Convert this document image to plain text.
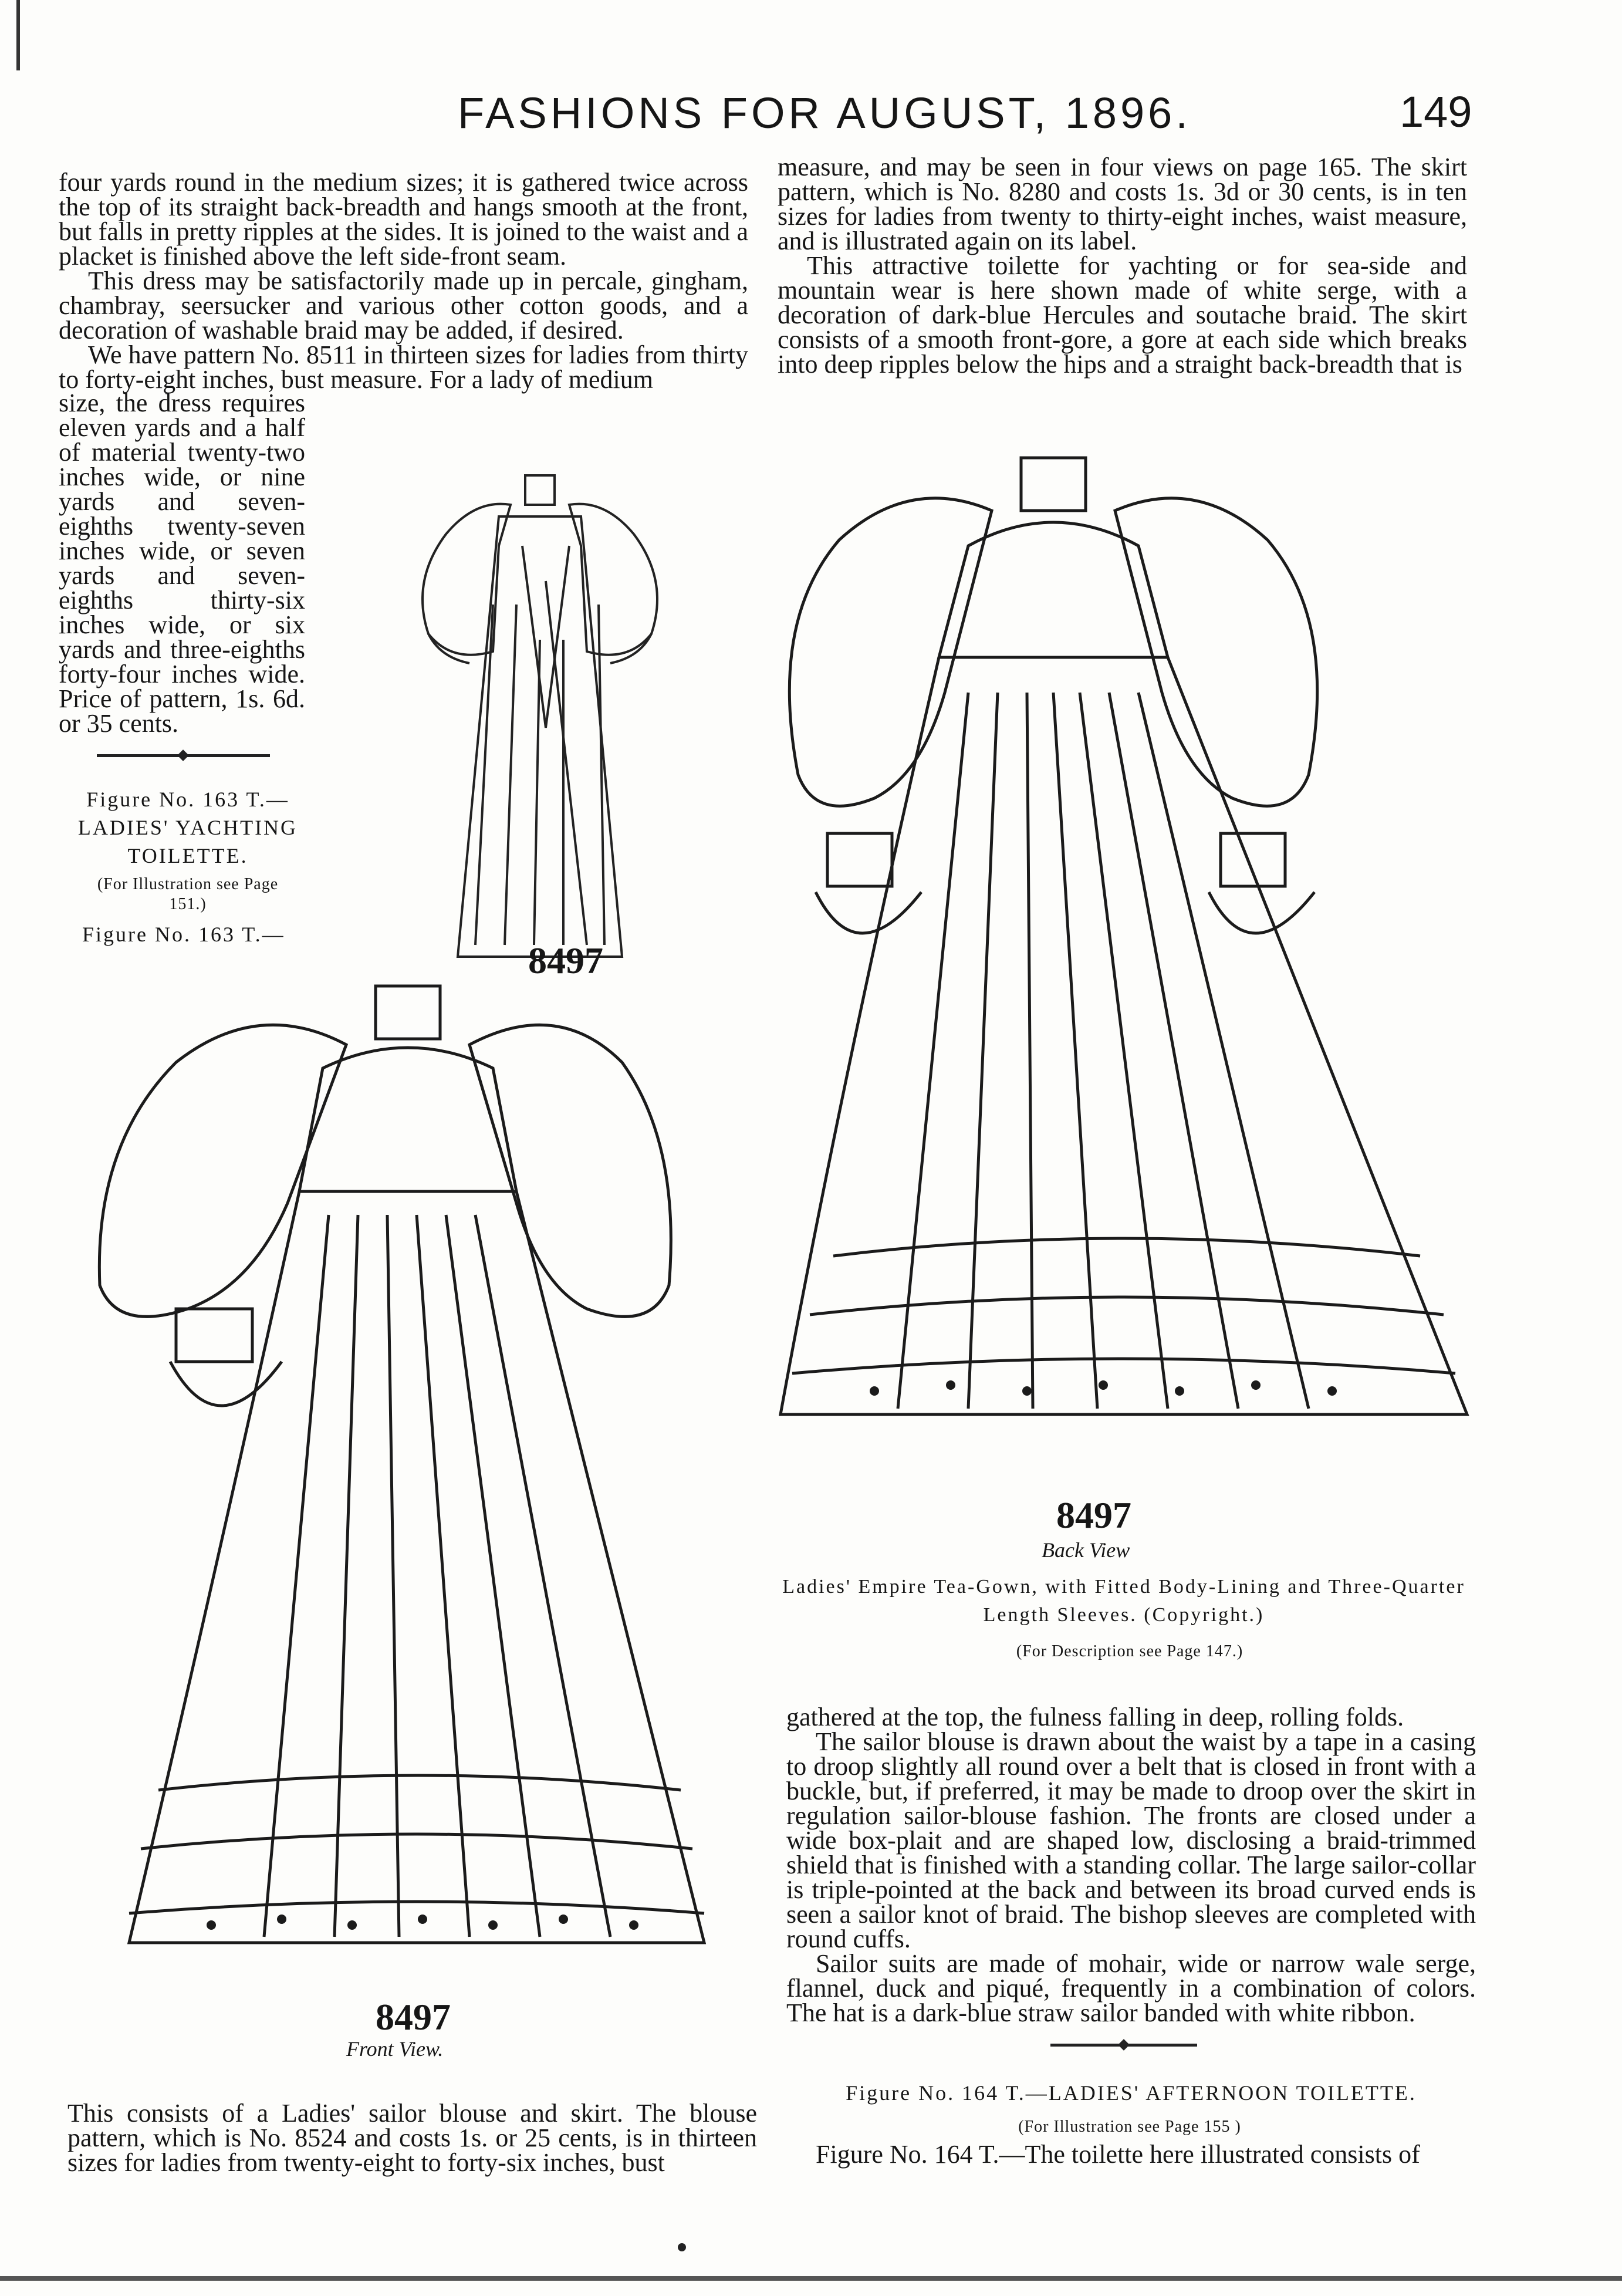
FASHIONS FOR AUGUST, 1896.	149

four yards round in the medium sizes; it is gathered twice across the top of its straight back-breadth and hangs smooth at the front, but falls in pretty ripples at the sides. It is joined to the waist and a placket is finished above the left side-front seam.

This dress may be satisfactorily made up in percale, gingham, chambray, seersucker and various other cotton goods, and a decoration of washable braid may be added, if desired.

We have pattern No. 8511 in thirteen sizes for ladies from thirty to forty-eight inches, bust measure. For a lady of medium

size, the dress requires eleven yards and a half of material twenty-two inches wide, or nine yards and seven-eighths twenty-seven inches wide, or seven yards and seven-eighths thirty-six inches wide, or six yards and three-eighths forty-four inches wide. Price of pattern, 1s. 6d. or 35 cents.

Figure No. 163 T.— LADIES' YACHTING TOILETTE.
(For Illustration see Page 151.)
Figure No. 163 T.—

measure, and may be seen in four views on page 165. The skirt pattern, which is No. 8280 and costs 1s. 3d or 30 cents, is in ten sizes for ladies from twenty to thirty-eight inches, waist measure, and is illustrated again on its label.

This attractive toilette for yachting or for sea-side and mountain wear is here shown made of white serge, with a decoration of dark-blue Hercules and soutache braid. The skirt consists of a smooth front-gore, a gore at each side which breaks into deep ripples below the hips and a straight back-breadth that is

8497
8497
Back View
Ladies' Empire Tea-Gown, with Fitted Body-Lining and Three-Quarter Length Sleeves. (Copyright.)
(For Description see Page 147.)
8497
Front View.

gathered at the top, the fulness falling in deep, rolling folds.

The sailor blouse is drawn about the waist by a tape in a casing to droop slightly all round over a belt that is closed in front with a buckle, but, if preferred, it may be made to droop over the skirt in regulation sailor-blouse fashion. The fronts are closed under a wide box-plait and are shaped low, disclosing a braid-trimmed shield that is finished with a standing collar. The large sailor-collar is triple-pointed at the back and between its broad curved ends is seen a sailor knot of braid. The bishop sleeves are completed with round cuffs.

Sailor suits are made of mohair, wide or narrow wale serge, flannel, duck and piqué, frequently in a combination of colors. The hat is a dark-blue straw sailor banded with white ribbon.

Figure No. 164 T.—LADIES' AFTERNOON TOILETTE.
(For Illustration see Page 155 )
Figure No. 164 T.—The toilette here illustrated consists of

This consists of a Ladies' sailor blouse and skirt. The blouse pattern, which is No. 8524 and costs 1s. or 25 cents, is in thirteen sizes for ladies from twenty-eight to forty-six inches, bust
